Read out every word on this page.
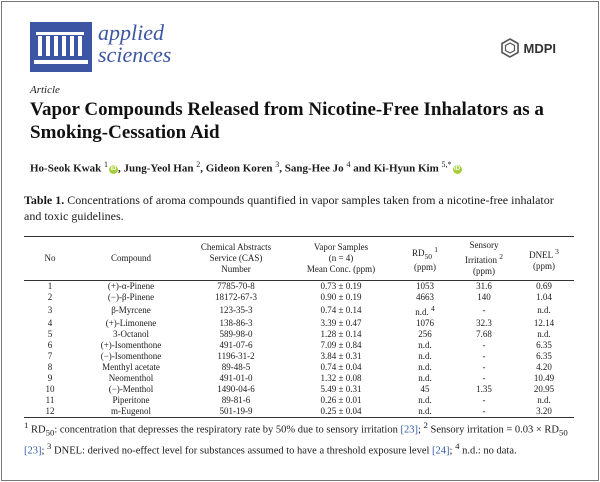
applied
sciences	MDPI
Article
Vapor Compounds Released from Nicotine-Free Inhalators as a Smoking-Cessation Aid
Ho-Seok Kwak $^1$ iD , Jung-Yeol Han $^2$, Gideon Koren $^3$, Sang-Hee Jo $^4$ and Ki-Hyun Kim $^{5,*}$ iD
Table 1. Concentrations of aroma compounds quantified in vapor samples taken from a nicotine-free inhalator and toxic guidelines.
No	Compound	Chemical Abstracts
Service (CAS)
Number	Vapor Samples
(n = 4)
Mean Conc. (ppm)	$RD_{50}$ $^1$
(ppm)	Sensory
Irritation $^2$
(ppm)	DNEL $^3$
(ppm)
1	(+)-α-Pinene	7785-70-8	0.73 ± 0.19	1053	31.6	0.69
2	(−)-β-Pinene	18172-67-3	0.90 ± 0.19	4663	140	1.04
3	β-Myrcene	123-35-3	0.74 ± 0.14	n.d. $^4$	-	n.d.
4	(+)-Limonene	138-86-3	3.39 ± 0.47	1076	32.3	12.14
5	3-Octanol	589-98-0	1.28 ± 0.14	256	7.68	n.d.
6	(+)-Isomenthone	491-07-6	7.09 ± 0.84	n.d.	-	6.35
7	(−)-Isomenthone	1196-31-2	3.84 ± 0.31	n.d.	-	6.35
8	Menthyl acetate	89-48-5	0.74 ± 0.04	n.d.	-	4.20
9	Neomenthol	491-01-0	1.32 ± 0.08	n.d.	-	10.49
10	(−)-Menthol	1490-04-6	5.49 ± 0.31	45	1.35	20.95
11	Piperitone	89-81-6	0.26 ± 0.01	n.d.	-	n.d.
12	m-Eugenol	501-19-9	0.25 ± 0.04	n.d.	-	3.20
$^1$ $RD_{50}$: concentration that depresses the respiratory rate by 50% due to sensory irritation [23]; $^2$ Sensory irritation = $0.03 \times RD_{50}$ [23]; $^3$ DNEL: derived no-effect level for substances assumed to have a threshold exposure level [24]; $^4$ n.d.: no data.
